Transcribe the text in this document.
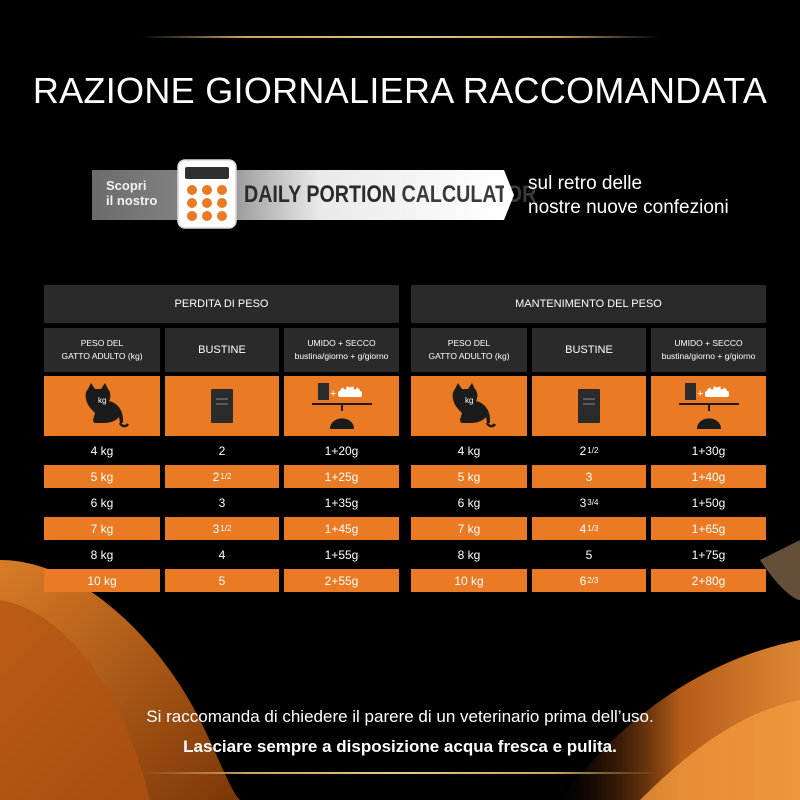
RAZIONE GIORNALIERA RACCOMANDATA
Scopri
il nostro	DAILY PORTION CALCULATOR
sul retro delle
nostre nuove confezioni
PERDITA DI PESO
PESO DEL
GATTO ADULTO (kg)
BUSTINE
UMIDO + SECCO
bustina/giorno + g/giorno
kg
+
4 kg	2	1+20g
5 kg	2 1/2	1+25g
6 kg	3	1+35g
7 kg	3 1/2	1+45g
8 kg	4	1+55g
10 kg	5	2+55g
MANTENIMENTO DEL PESO
PESO DEL
GATTO ADULTO (kg)
BUSTINE
UMIDO + SECCO
bustina/giorno + g/giorno
kg
+
4 kg	2 1/2	1+30g
5 kg	3	1+40g
6 kg	3 3/4	1+50g
7 kg	4 1/3	1+65g
8 kg	5	1+75g
10 kg	6 2/3	2+80g
Si raccomanda di chiedere il parere di un veterinario prima dell’uso.
Lasciare sempre a disposizione acqua fresca e pulita.
